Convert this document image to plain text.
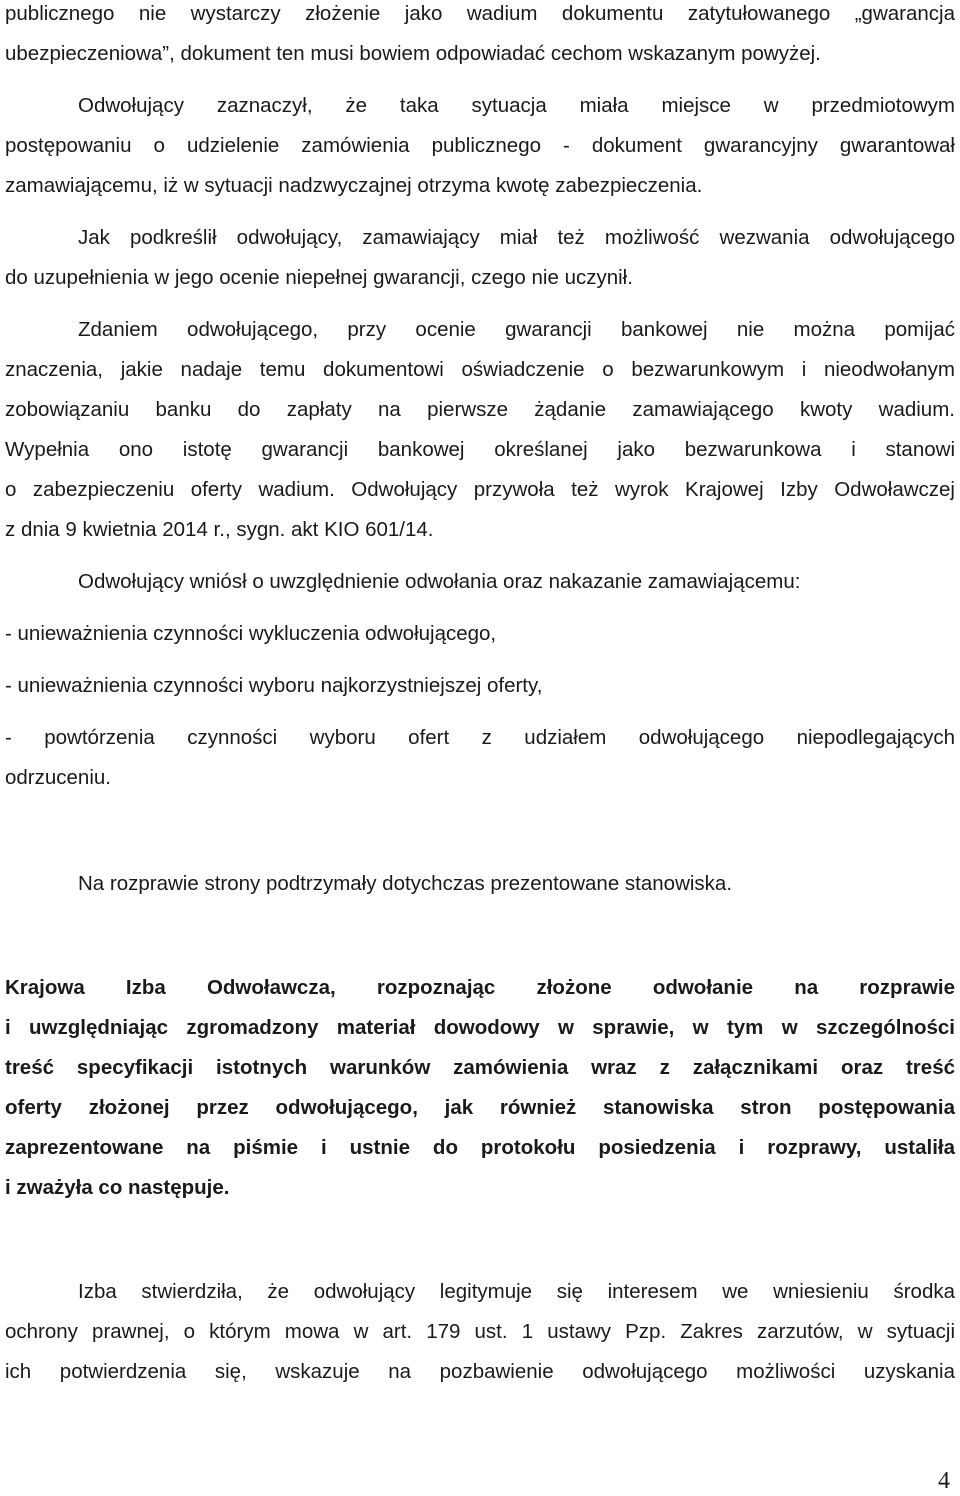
publicznego nie wystarczy złożenie jako wadium dokumentu zatytułowanego „gwarancja
ubezpieczeniowa”, dokument ten musi bowiem odpowiadać cechom wskazanym powyżej.
Odwołujący zaznaczył, że taka sytuacja miała miejsce w przedmiotowym
postępowaniu o udzielenie zamówienia publicznego - dokument gwarancyjny gwarantował
zamawiającemu, iż w sytuacji nadzwyczajnej otrzyma kwotę zabezpieczenia.
Jak podkreślił odwołujący, zamawiający miał też możliwość wezwania odwołującego
do uzupełnienia w jego ocenie niepełnej gwarancji, czego nie uczynił.
Zdaniem odwołującego, przy ocenie gwarancji bankowej nie można pomijać
znaczenia, jakie nadaje temu dokumentowi oświadczenie o bezwarunkowym i nieodwołanym
zobowiązaniu banku do zapłaty na pierwsze żądanie zamawiającego kwoty wadium.
Wypełnia ono istotę gwarancji bankowej określanej jako bezwarunkowa i stanowi
o zabezpieczeniu oferty wadium. Odwołujący przywoła też wyrok Krajowej Izby Odwoławczej
z dnia 9 kwietnia 2014 r., sygn. akt KIO 601/14.
Odwołujący wniósł o uwzględnienie odwołania oraz nakazanie zamawiającemu:
- unieważnienia czynności wykluczenia odwołującego,
- unieważnienia czynności wyboru najkorzystniejszej oferty,
- powtórzenia czynności wyboru ofert z udziałem odwołującego niepodlegających
odrzuceniu.
Na rozprawie strony podtrzymały dotychczas prezentowane stanowiska.
Krajowa Izba Odwoławcza, rozpoznając złożone odwołanie na rozprawie
i uwzględniając zgromadzony materiał dowodowy w sprawie, w tym w szczególności
treść specyfikacji istotnych warunków zamówienia wraz z załącznikami oraz treść
oferty złożonej przez odwołującego, jak również stanowiska stron postępowania
zaprezentowane na piśmie i ustnie do protokołu posiedzenia i rozprawy, ustaliła
i zważyła co następuje.
Izba stwierdziła, że odwołujący legitymuje się interesem we wniesieniu środka
ochrony prawnej, o którym mowa w art. 179 ust. 1 ustawy Pzp. Zakres zarzutów, w sytuacji
ich potwierdzenia się, wskazuje na pozbawienie odwołującego możliwości uzyskania
4
